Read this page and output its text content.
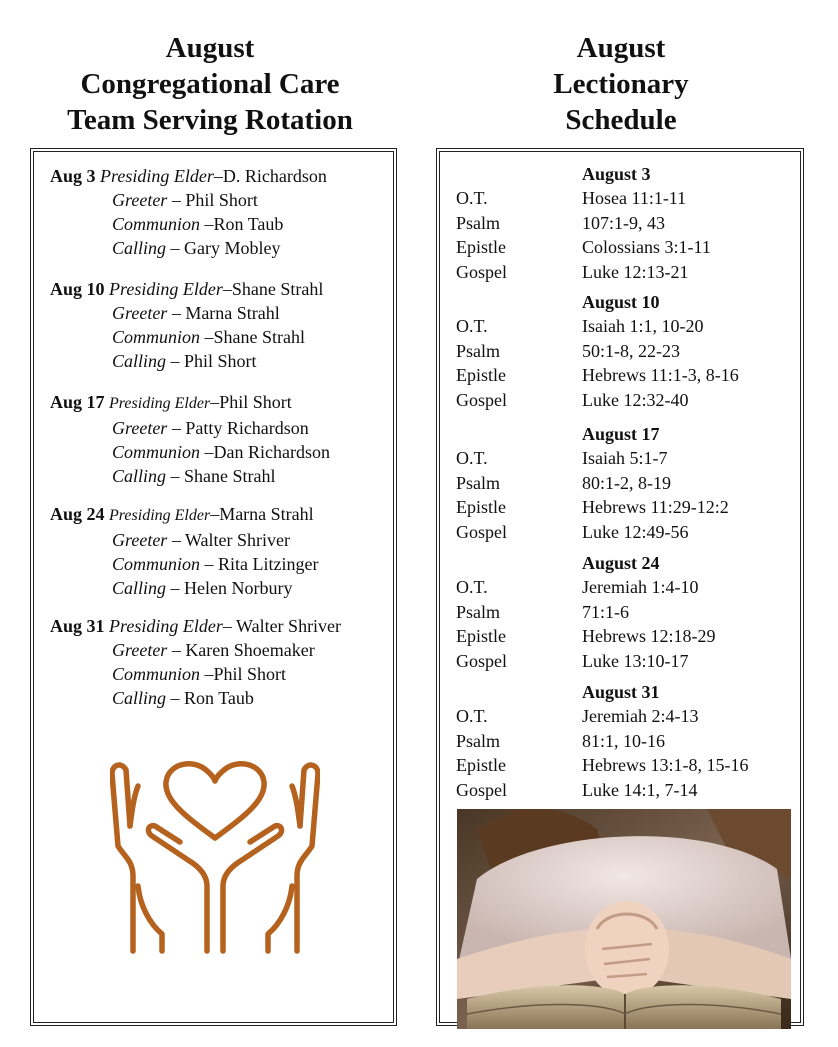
August
Congregational Care
Team Serving Rotation
August
Lectionary
Schedule
Aug 3 Presiding Elder–D. Richardson
Greeter – Phil Short
Communion –Ron Taub
Calling – Gary Mobley
Aug 10 Presiding Elder–Shane Strahl
Greeter – Marna Strahl
Communion –Shane Strahl
Calling – Phil Short
Aug 17 Presiding Elder–Phil Short
Greeter – Patty Richardson
Communion –Dan Richardson
Calling – Shane Strahl
Aug 24 Presiding Elder–Marna Strahl
Greeter – Walter Shriver
Communion – Rita Litzinger
Calling – Helen Norbury
Aug 31 Presiding Elder– Walter Shriver
Greeter – Karen Shoemaker
Communion –Phil Short
Calling – Ron Taub
August 3
O.T.	Hosea 11:1-11
Psalm	107:1-9, 43
Epistle	Colossians 3:1-11
Gospel	Luke 12:13-21
August 10
O.T.	Isaiah 1:1, 10-20
Psalm	50:1-8, 22-23
Epistle	Hebrews 11:1-3, 8-16
Gospel	Luke 12:32-40
August 17
O.T.	Isaiah 5:1-7
Psalm	80:1-2, 8-19
Epistle	Hebrews 11:29-12:2
Gospel	Luke 12:49-56
August 24
O.T.	Jeremiah 1:4-10
Psalm	71:1-6
Epistle	Hebrews 12:18-29
Gospel	Luke 13:10-17
August 31
O.T.	Jeremiah 2:4-13
Psalm	81:1, 10-16
Epistle	Hebrews 13:1-8, 15-16
Gospel	Luke 14:1, 7-14
